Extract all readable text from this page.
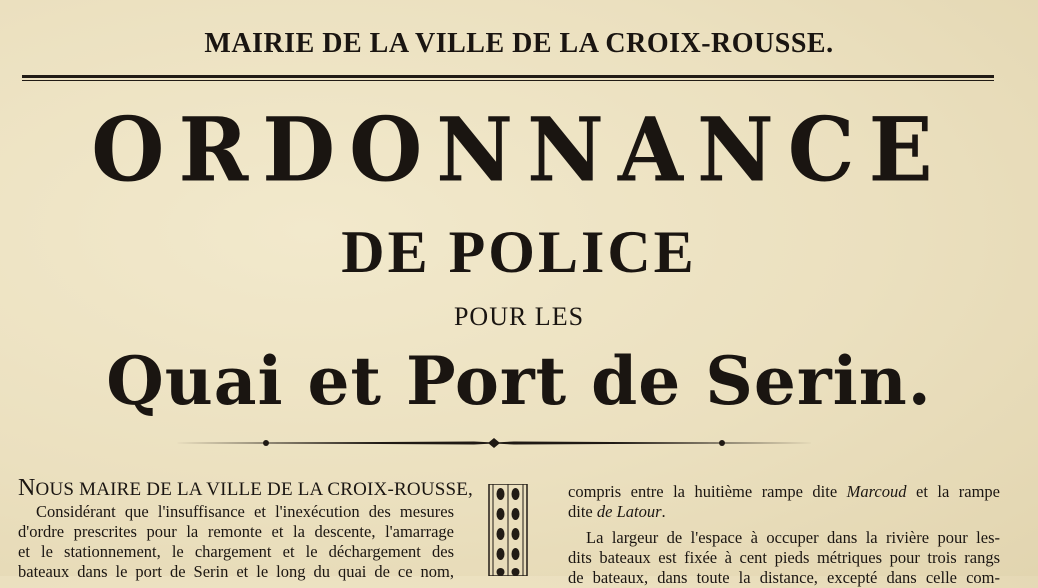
MAIRIE DE LA VILLE DE LA CROIX-ROUSSE.
ORDONNANCE
DE POLICE
POUR LES
Quai et Port de Serin.
NOUS MAIRE DE LA VILLE DE LA CROIX-ROUSSE,
Considérant que l'insuffisance et l'inexécution des mesures
d'ordre prescrites pour la remonte et la descente, l'amarrage
et le stationnement, le chargement et le déchargement des
bateaux dans le port de Serin et le long du quai de ce nom,
compris entre la huitième rampe dite Marcoud et la rampe
dite de Latour.
La largeur de l'espace à occuper dans la rivière pour les-
dits bateaux est fixée à cent pieds métriques pour trois rangs
de bateaux, dans toute la distance, excepté dans celle com-
